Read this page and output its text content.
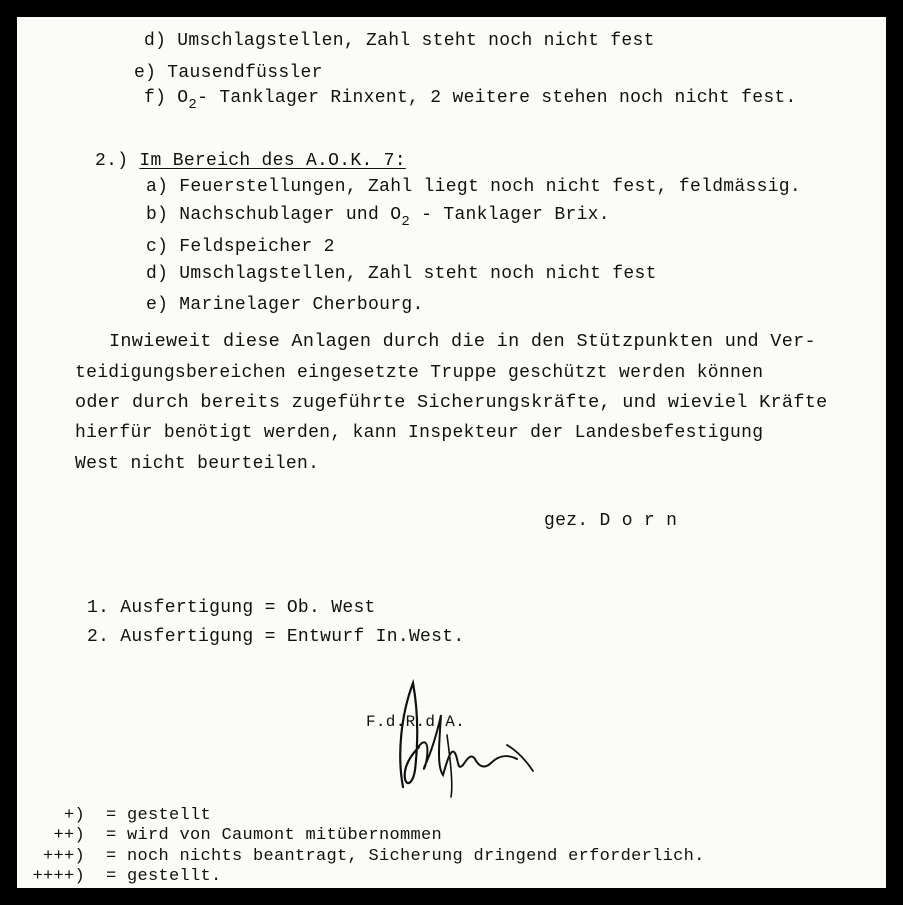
d) Umschlagstellen, Zahl steht noch nicht fest
e) Tausendfüssler
f) $O_2-$ Tanklager Rinxent, 2 weitere stehen noch nicht fest.
2.) Im Bereich des A.O.K. 7:
a) Feuerstellungen, Zahl liegt noch nicht fest, feldmässig.
b) Nachschublager und $O_2$ - Tanklager Brix.
c) Feldspeicher 2
d) Umschlagstellen, Zahl steht noch nicht fest
e) Marinelager Cherbourg.
Inwieweit diese Anlagen durch die in den Stützpunkten und Ver-
teidigungsbereichen eingesetzte Truppe geschützt werden können
oder durch bereits zugeführte Sicherungskräfte, und wieviel Kräfte
hierfür benötigt werden, kann Inspekteur der Landesbefestigung
West nicht beurteilen.
gez. D o r n
1. Ausfertigung = Ob. West
2. Ausfertigung = Entwurf In.West.
F.d.R.d.A.
+) = gestellt
++) = wird von Caumont mitübernommen
+++) = noch nichts beantragt, Sicherung dringend erforderlich.
++++) = gestellt.
